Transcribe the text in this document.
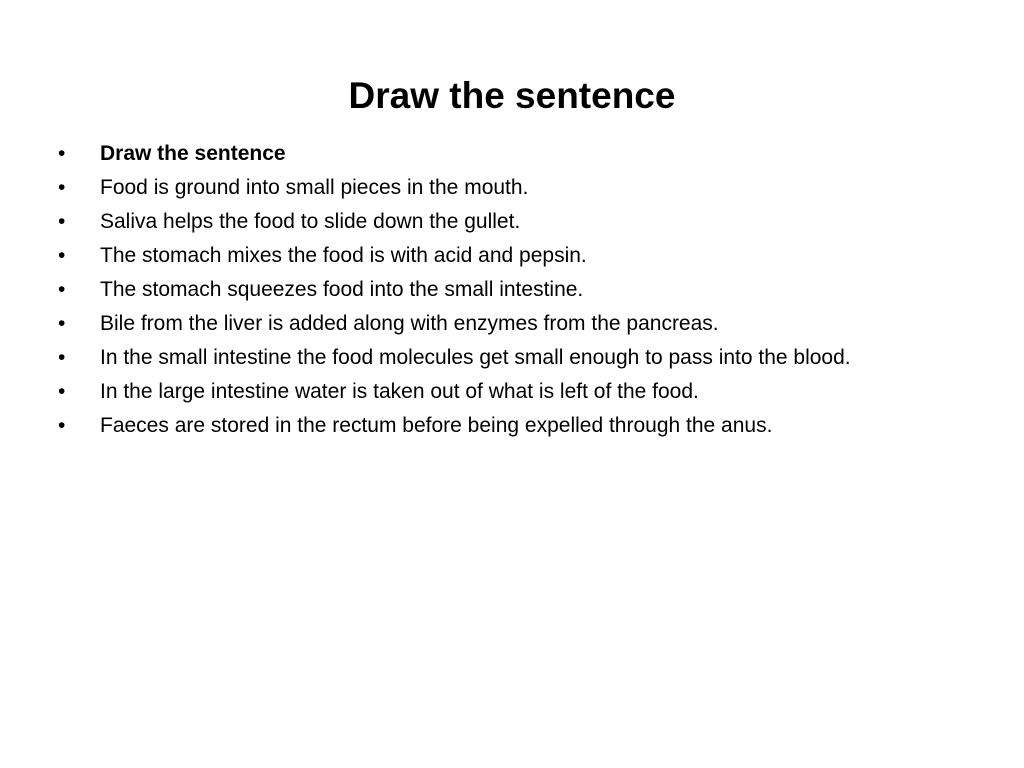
Draw the sentence
• Draw the sentence
• Food is ground into small pieces in the mouth.
• Saliva helps the food to slide down the gullet.
• The stomach mixes the food is with acid and pepsin.
• The stomach squeezes food into the small intestine.
• Bile from the liver is added along with enzymes from the pancreas.
• In the small intestine the food molecules get small enough to pass into the blood.
• In the large intestine water is taken out of what is left of the food.
• Faeces are stored in the rectum before being expelled through the anus.
